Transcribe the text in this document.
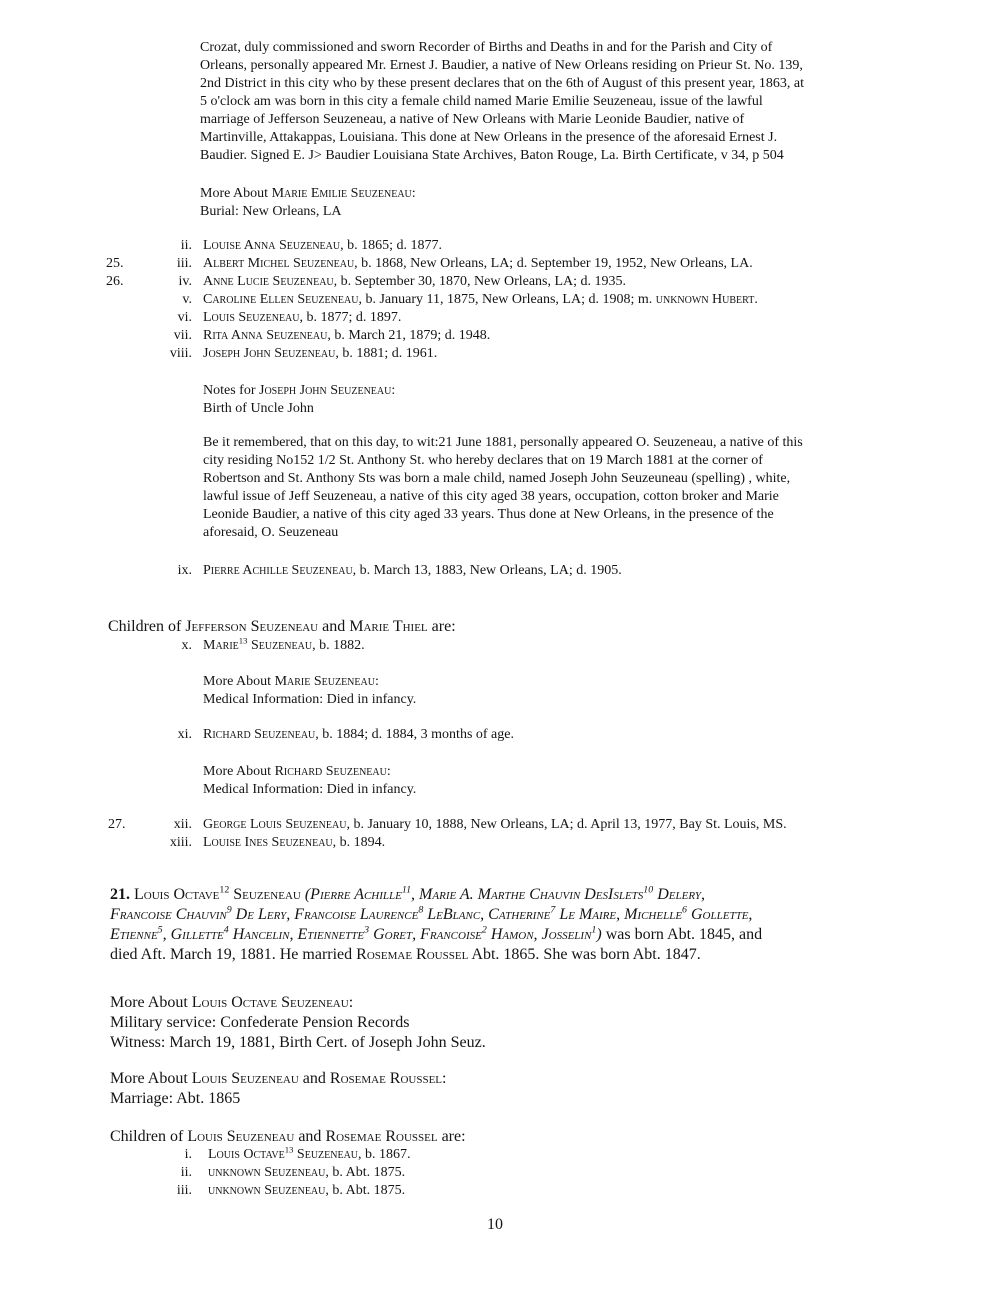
Crozat, duly commissioned and sworn Recorder of Births and Deaths in and for the Parish and City of
Orleans, personally appeared Mr. Ernest J. Baudier, a native of New Orleans residing on Prieur St. No. 139,
2nd District in this city who by these present declares that on the 6th of August of this present year, 1863, at
5 o'clock am was born in this city a female child named Marie Emilie Seuzeneau, issue of the lawful
marriage of Jefferson Seuzeneau, a native of New Orleans with Marie Leonide Baudier, native of
Martinville, Attakappas, Louisiana. This done at New Orleans in the presence of the aforesaid Ernest J.
Baudier. Signed E. J> Baudier Louisiana State Archives, Baton Rouge, La. Birth Certificate, v 34, p 504
More About Marie Emilie Seuzeneau:
Burial: New Orleans, LA
ii. Louise Anna Seuzeneau, b. 1865; d. 1877.
25.	iii. Albert Michel Seuzeneau, b. 1868, New Orleans, LA; d. September 19, 1952, New Orleans, LA.
26.	iv. Anne Lucie Seuzeneau, b. September 30, 1870, New Orleans, LA; d. 1935.
v. Caroline Ellen Seuzeneau, b. January 11, 1875, New Orleans, LA; d. 1908; m. unknown Hubert.
vi. Louis Seuzeneau, b. 1877; d. 1897.
vii. Rita Anna Seuzeneau, b. March 21, 1879; d. 1948.
viii. Joseph John Seuzeneau, b. 1881; d. 1961.
Notes for Joseph John Seuzeneau:
Birth of Uncle John
Be it remembered, that on this day, to wit:21 June 1881, personally appeared O. Seuzeneau, a native of this
city residing No152 1/2 St. Anthony St. who hereby declares that on 19 March 1881 at the corner of
Robertson and St. Anthony Sts was born a male child, named Joseph John Seuzeuneau (spelling) , white,
lawful issue of Jeff Seuzeneau, a native of this city aged 38 years, occupation, cotton broker and Marie
Leonide Baudier, a native of this city aged 33 years. Thus done at New Orleans, in the presence of the
aforesaid, O. Seuzeneau
ix. Pierre Achille Seuzeneau, b. March 13, 1883, New Orleans, LA; d. 1905.
Children of Jefferson Seuzeneau and Marie Thiel are:
x. Marie$^{13}$ Seuzeneau, b. 1882.
More About Marie Seuzeneau:
Medical Information: Died in infancy.
xi. Richard Seuzeneau, b. 1884; d. 1884, 3 months of age.
More About Richard Seuzeneau:
Medical Information: Died in infancy.
27.	xii. George Louis Seuzeneau, b. January 10, 1888, New Orleans, LA; d. April 13, 1977, Bay St. Louis, MS.
xiii. Louise Ines Seuzeneau, b. 1894.
21. Louis Octave$^{12}$ Seuzeneau (Pierre Achille$^{11}$, Marie A. Marthe Chauvin DesIslets$^{10}$ Delery,
Francoise Chauvin$^9$ De Lery, Francoise Laurence$^8$ LeBlanc, Catherine$^7$ Le Maire, Michelle$^6$ Gollette,
Etienne$^5$, Gillette$^4$ Hancelin, Etiennette$^3$ Goret, Francoise$^2$ Hamon, Josselin$^1$) was born Abt. 1845, and
died Aft. March 19, 1881. He married Rosemae Roussel Abt. 1865. She was born Abt. 1847.
More About Louis Octave Seuzeneau:
Military service: Confederate Pension Records
Witness: March 19, 1881, Birth Cert. of Joseph John Seuz.
More About Louis Seuzeneau and Rosemae Roussel:
Marriage: Abt. 1865
Children of Louis Seuzeneau and Rosemae Roussel are:
i. Louis Octave$^{13}$ Seuzeneau, b. 1867.
ii. unknown Seuzeneau, b. Abt. 1875.
iii. unknown Seuzeneau, b. Abt. 1875.
10
